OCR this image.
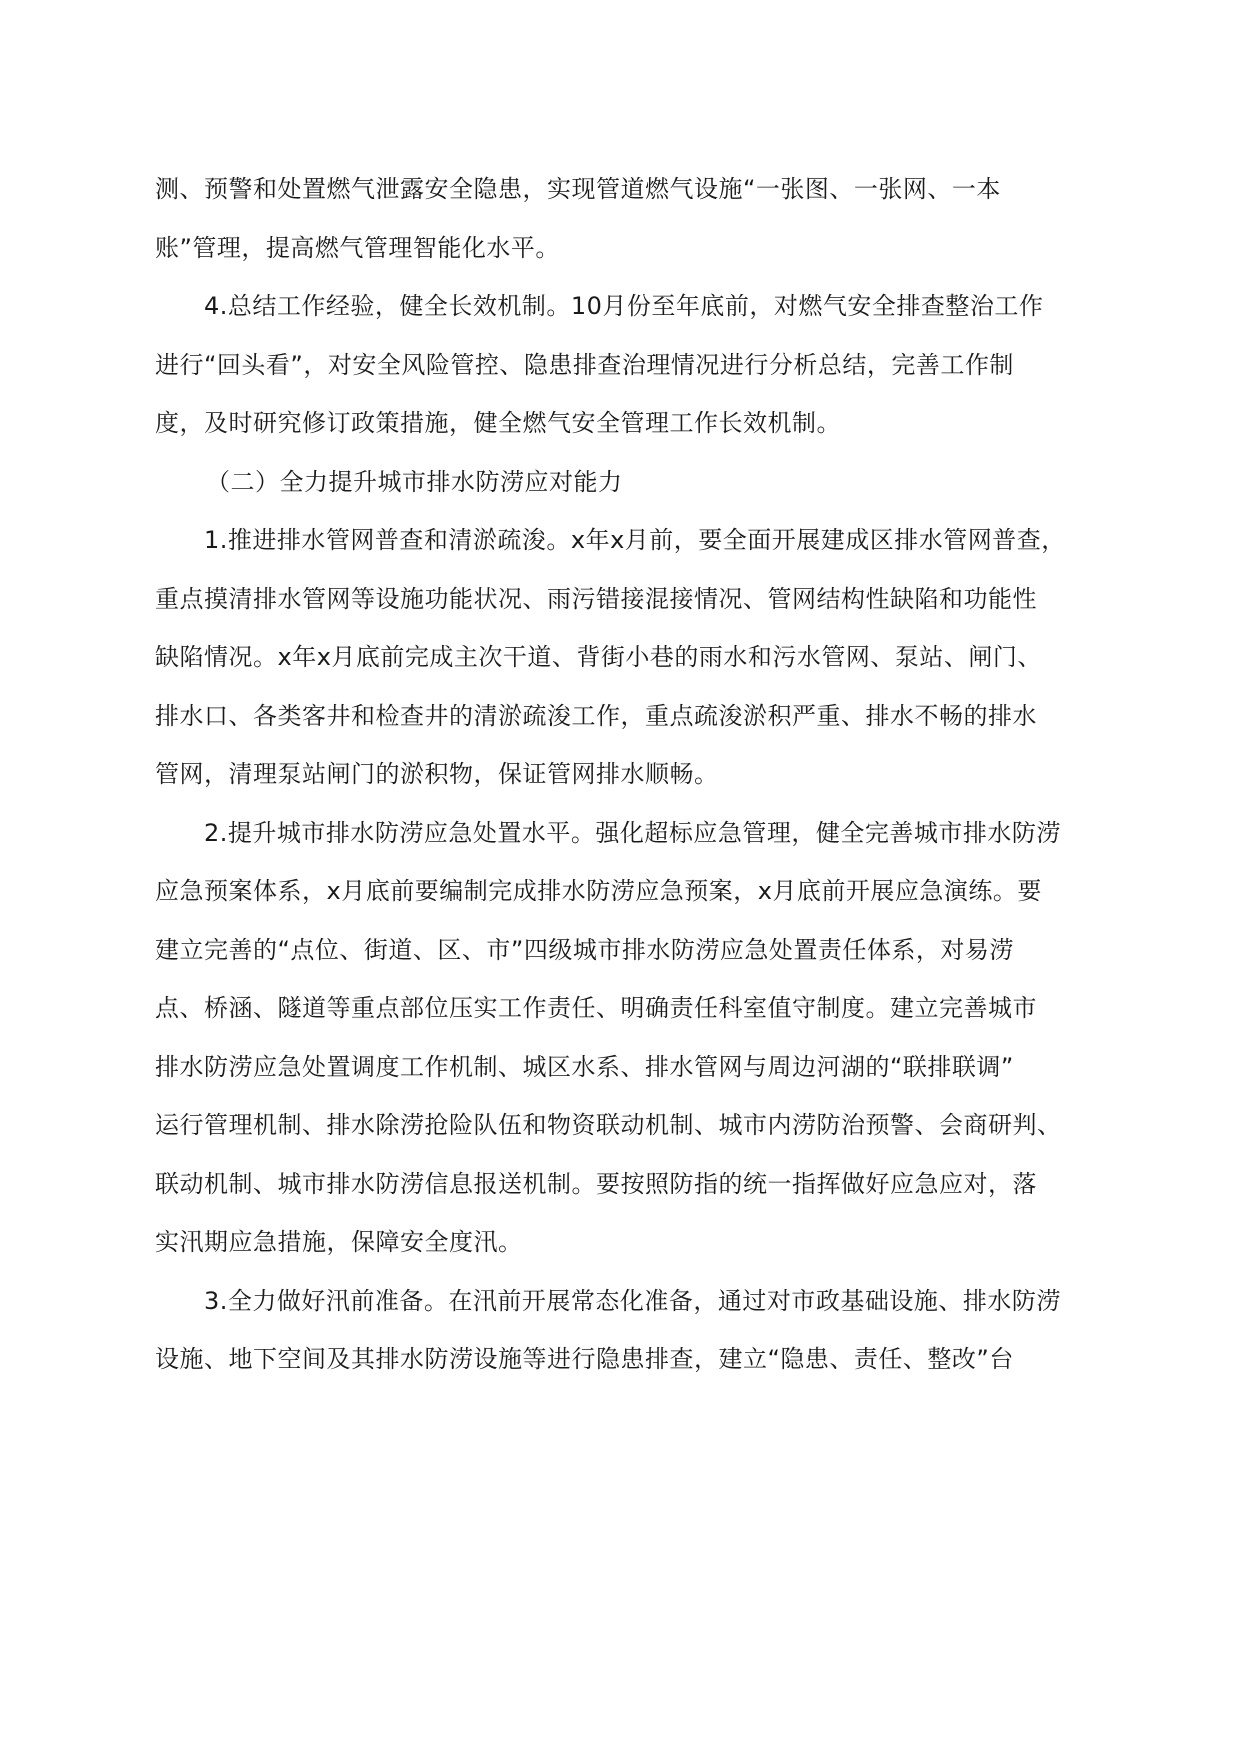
测、预警和处置燃气泄露安全隐患，实现管道燃气设施“一张图、一张网、一本
账”管理，提高燃气管理智能化水平。
4.总结工作经验，健全长效机制。10月份至年底前，对燃气安全排查整治工作
进行“回头看”，对安全风险管控、隐患排查治理情况进行分析总结，完善工作制
度，及时研究修订政策措施，健全燃气安全管理工作长效机制。
（二）全力提升城市排水防涝应对能力
1.推进排水管网普查和清淤疏浚。x年x月前，要全面开展建成区排水管网普查，
重点摸清排水管网等设施功能状况、雨污错接混接情况、管网结构性缺陷和功能性
缺陷情况。x年x月底前完成主次干道、背街小巷的雨水和污水管网、泵站、闸门、
排水口、各类客井和检查井的清淤疏浚工作，重点疏浚淤积严重、排水不畅的排水
管网，清理泵站闸门的淤积物，保证管网排水顺畅。
2.提升城市排水防涝应急处置水平。强化超标应急管理，健全完善城市排水防涝
应急预案体系，x月底前要编制完成排水防涝应急预案，x月底前开展应急演练。要
建立完善的“点位、街道、区、市”四级城市排水防涝应急处置责任体系，对易涝
点、桥涵、隧道等重点部位压实工作责任、明确责任科室值守制度。建立完善城市
排水防涝应急处置调度工作机制、城区水系、排水管网与周边河湖的“联排联调”
运行管理机制、排水除涝抢险队伍和物资联动机制、城市内涝防治预警、会商研判、
联动机制、城市排水防涝信息报送机制。要按照防指的统一指挥做好应急应对，落
实汛期应急措施，保障安全度汛。
3.全力做好汛前准备。在汛前开展常态化准备，通过对市政基础设施、排水防涝
设施、地下空间及其排水防涝设施等进行隐患排查，建立“隐患、责任、整改”台
